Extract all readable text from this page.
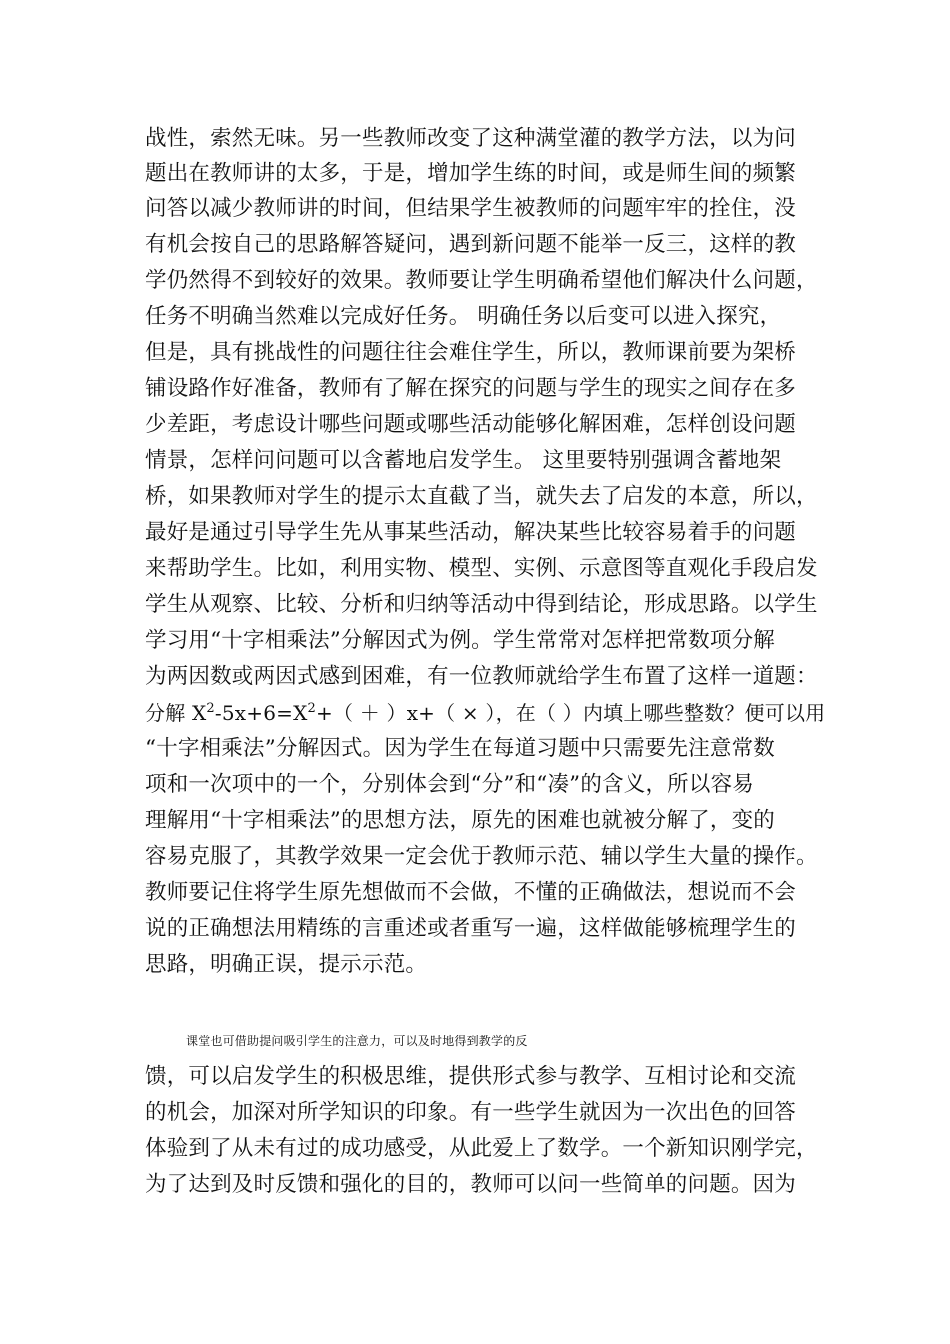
战性，索然无味。另一些教师改变了这种满堂灌的教学方法，以为问
题出在教师讲的太多，于是，增加学生练的时间，或是师生间的频繁
问答以减少教师讲的时间，但结果学生被教师的问题牢牢的拴住，没
有机会按自己的思路解答疑问，遇到新问题不能举一反三，这样的教
学仍然得不到较好的效果。教师要让学生明确希望他们解决什么问题，
任务不明确当然难以完成好任务。 明确任务以后变可以进入探究，
但是，具有挑战性的问题往往会难住学生，所以，教师课前要为架桥
铺设路作好准备，教师有了解在探究的问题与学生的现实之间存在多
少差距，考虑设计哪些问题或哪些活动能够化解困难，怎样创设问题
情景，怎样问问题可以含蓄地启发学生。 这里要特别强调含蓄地架
桥，如果教师对学生的提示太直截了当，就失去了启发的本意，所以，
最好是通过引导学生先从事某些活动，解决某些比较容易着手的问题
来帮助学生。比如，利用实物、模型、实例、示意图等直观化手段启发
学生从观察、比较、分析和归纳等活动中得到结论，形成思路。以学生
学习用“十字相乘法”分解因式为例。学生常常对怎样把常数项分解
为两因数或两因式感到困难，有一位教师就给学生布置了这样一道题：
分解 $X^2-5x+6=X^2+( + )x+$（ × ），在（ ）内填上哪些整数？便可以用
“十字相乘法”分解因式。因为学生在每道习题中只需要先注意常数
项和一次项中的一个，分别体会到“分”和“凑”的含义，所以容易
理解用“十字相乘法”的思想方法，原先的困难也就被分解了，变的
容易克服了，其教学效果一定会优于教师示范、辅以学生大量的操作。
教师要记住将学生原先想做而不会做，不懂的正确做法，想说而不会
说的正确想法用精练的言重述或者重写一遍，这样做能够梳理学生的
思路，明确正误，提示示范。
课堂也可借助提问吸引学生的注意力，可以及时地得到教学的反
馈，可以启发学生的积极思维，提供形式参与教学、互相讨论和交流
的机会，加深对所学知识的印象。有一些学生就因为一次出色的回答
体验到了从未有过的成功感受，从此爱上了数学。一个新知识刚学完，
为了达到及时反馈和强化的目的，教师可以问一些简单的问题。因为
